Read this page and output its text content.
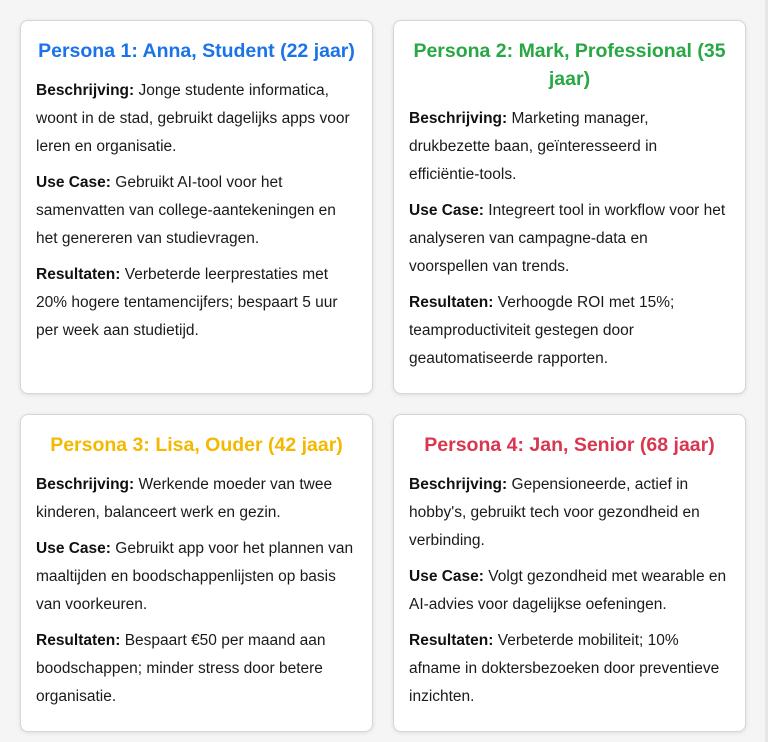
Persona 1: Anna, Student (22 jaar)

Beschrijving: Jonge studente informatica, woont in de stad, gebruikt dagelijks apps voor leren en organisatie.

Use Case: Gebruikt AI-tool voor het samenvatten van college-aantekeningen en het genereren van studievragen.

Resultaten: Verbeterde leerprestaties met 20% hogere tentamencijfers; bespaart 5 uur per week aan studietijd.

Persona 2: Mark, Professional (35 jaar)

Beschrijving: Marketing manager, drukbezette baan, geïnteresseerd in efficiëntie-tools.

Use Case: Integreert tool in workflow voor het analyseren van campagne-data en voorspellen van trends.

Resultaten: Verhoogde ROI met 15%; teamproductiviteit gestegen door geautomatiseerde rapporten.

Persona 3: Lisa, Ouder (42 jaar)

Beschrijving: Werkende moeder van twee kinderen, balanceert werk en gezin.

Use Case: Gebruikt app voor het plannen van maaltijden en boodschappenlijsten op basis van voorkeuren.

Resultaten: Bespaart €50 per maand aan boodschappen; minder stress door betere organisatie.

Persona 4: Jan, Senior (68 jaar)

Beschrijving: Gepensioneerde, actief in hobby's, gebruikt tech voor gezondheid en verbinding.

Use Case: Volgt gezondheid met wearable en AI-advies voor dagelijkse oefeningen.

Resultaten: Verbeterde mobiliteit; 10% afname in doktersbezoeken door preventieve inzichten.
